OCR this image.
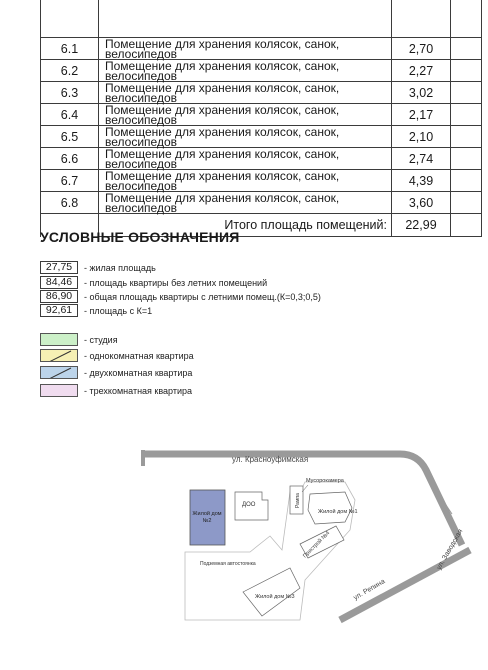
6.1	Помещение для хранения колясок, санок, велосипедов	2,70	
6.2	Помещение для хранения колясок, санок, велосипедов	2,27	
6.3	Помещение для хранения колясок, санок, велосипедов	3,02	
6.4	Помещение для хранения колясок, санок, велосипедов	2,17	
6.5	Помещение для хранения колясок, санок, велосипедов	2,10	
6.6	Помещение для хранения колясок, санок, велосипедов	2,74	
6.7	Помещение для хранения колясок, санок, велосипедов	4,39	
6.8	Помещение для хранения колясок, санок, велосипедов	3,60	
	Итого площадь помещений:	22,99	
УСЛОВНЫЕ ОБОЗНАЧЕНИЯ
27,75	- жилая площадь
84,46	- площадь квартиры без летних помещений
86,90	- общая площадь квартиры с летними помещ.(К=0,3;0,5)
92,61	- площадь с К=1
- студия
- однокомнатная квартира
- двухкомнатная квартира
- трехкомнатная квартира
ул. Красноуфимская
ул. Заводская
ул. Репина
Жилой дом
№2
ДОО	Рампа
Мусорокамера
Жилой дом №1
Пристрой №4
Подземная автостоянка
Жилой дом №3
